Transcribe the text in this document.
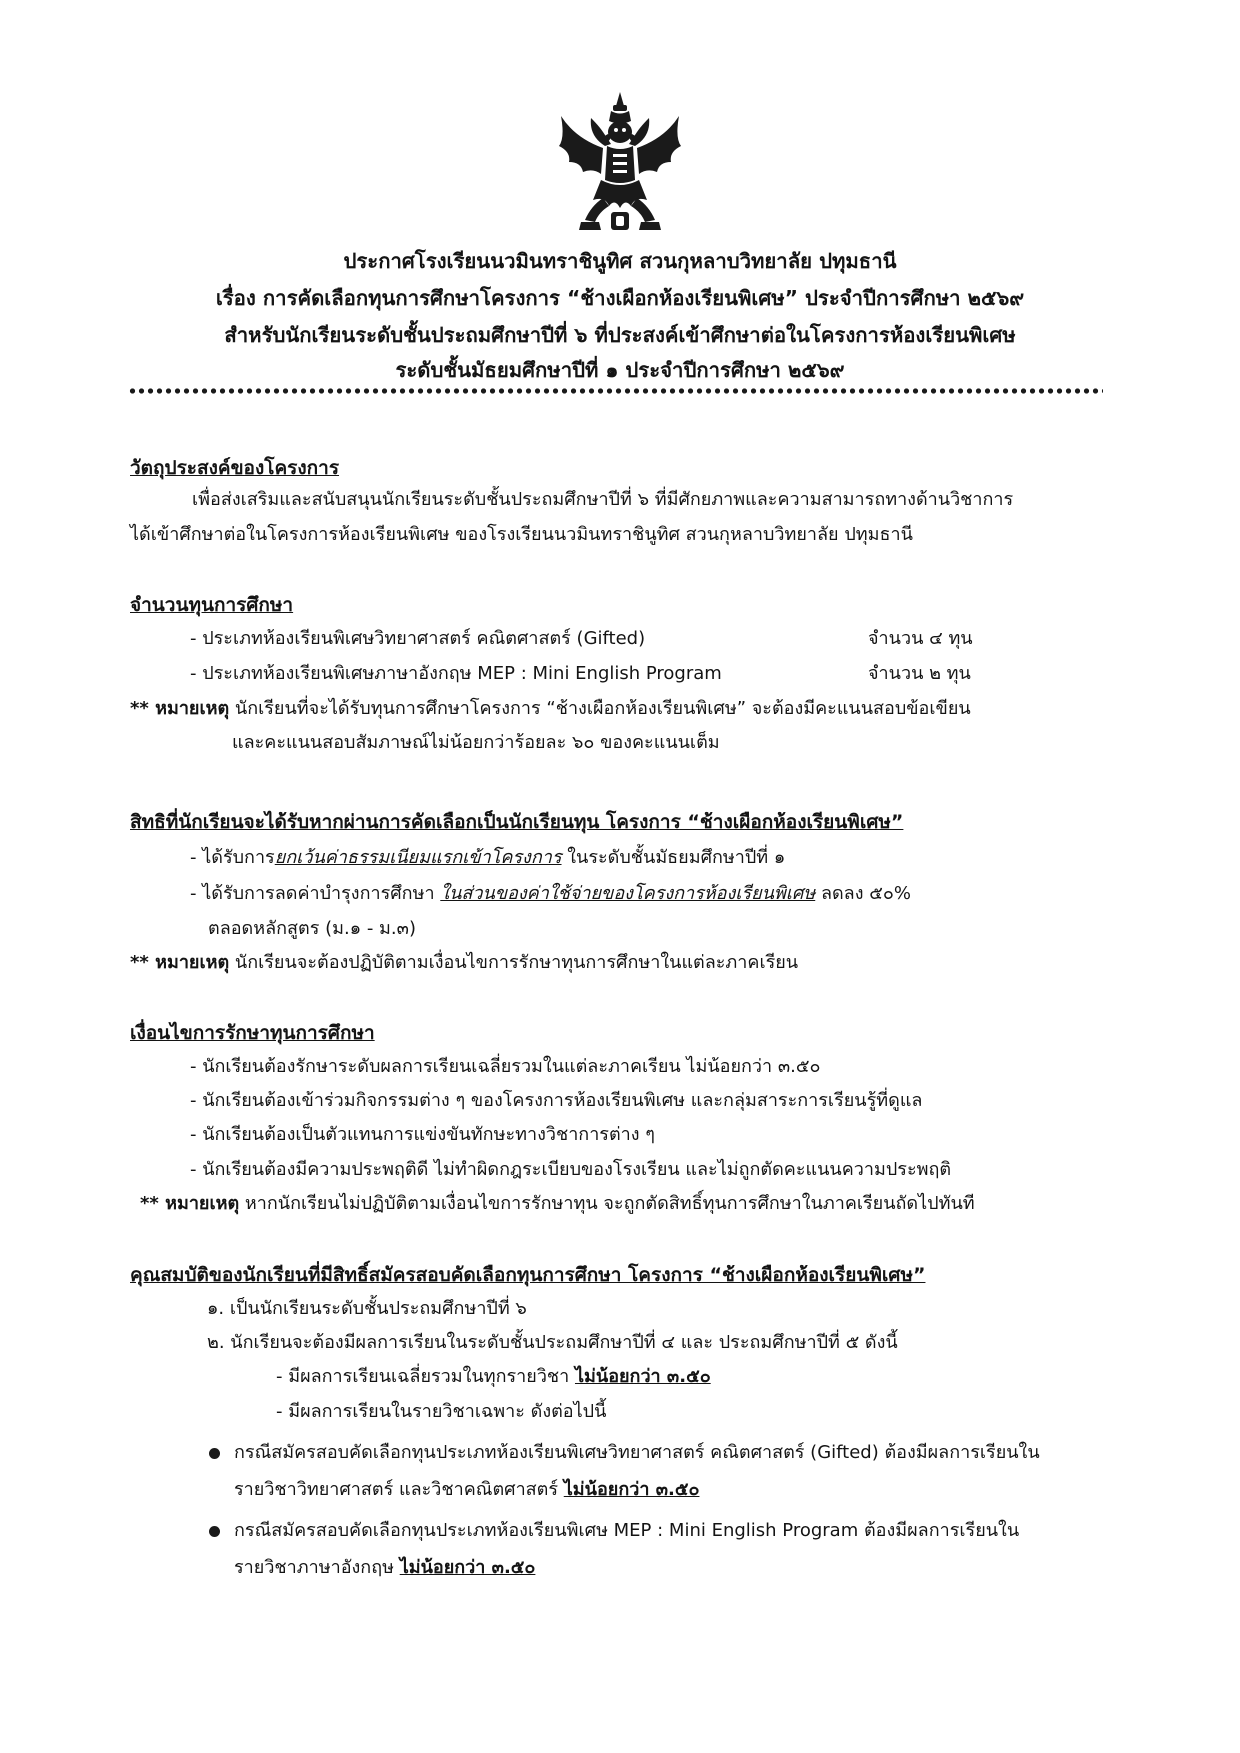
ประกาศโรงเรียนนวมินทราชินูทิศ สวนกุหลาบวิทยาลัย ปทุมธานี
เรื่อง การคัดเลือกทุนการศึกษาโครงการ “ช้างเผือกห้องเรียนพิเศษ” ประจำปีการศึกษา ๒๕๖๙
สำหรับนักเรียนระดับชั้นประถมศึกษาปีที่ ๖ ที่ประสงค์เข้าศึกษาต่อในโครงการห้องเรียนพิเศษ
ระดับชั้นมัธยมศึกษาปีที่ ๑ ประจำปีการศึกษา ๒๕๖๙
วัตถุประสงค์ของโครงการ
เพื่อส่งเสริมและสนับสนุนนักเรียนระดับชั้นประถมศึกษาปีที่ ๖ ที่มีศักยภาพและความสามารถทางด้านวิชาการ
ได้เข้าศึกษาต่อในโครงการห้องเรียนพิเศษ ของโรงเรียนนวมินทราชินูทิศ สวนกุหลาบวิทยาลัย ปทุมธานี
จำนวนทุนการศึกษา
- ประเภทห้องเรียนพิเศษวิทยาศาสตร์ คณิตศาสตร์ (Gifted)	จำนวน ๔ ทุน
- ประเภทห้องเรียนพิเศษภาษาอังกฤษ MEP : Mini English Program	จำนวน ๒ ทุน
** หมายเหตุ นักเรียนที่จะได้รับทุนการศึกษาโครงการ “ช้างเผือกห้องเรียนพิเศษ” จะต้องมีคะแนนสอบข้อเขียน
และคะแนนสอบสัมภาษณ์ไม่น้อยกว่าร้อยละ ๖๐ ของคะแนนเต็ม
สิทธิที่นักเรียนจะได้รับหากผ่านการคัดเลือกเป็นนักเรียนทุน โครงการ “ช้างเผือกห้องเรียนพิเศษ”
- ได้รับการยกเว้นค่าธรรมเนียมแรกเข้าโครงการ ในระดับชั้นมัธยมศึกษาปีที่ ๑
- ได้รับการลดค่าบำรุงการศึกษา ในส่วนของค่าใช้จ่ายของโครงการห้องเรียนพิเศษ ลดลง ๕๐%
ตลอดหลักสูตร (ม.๑ - ม.๓)
** หมายเหตุ นักเรียนจะต้องปฏิบัติตามเงื่อนไขการรักษาทุนการศึกษาในแต่ละภาคเรียน
เงื่อนไขการรักษาทุนการศึกษา
- นักเรียนต้องรักษาระดับผลการเรียนเฉลี่ยรวมในแต่ละภาคเรียน ไม่น้อยกว่า ๓.๕๐
- นักเรียนต้องเข้าร่วมกิจกรรมต่าง ๆ ของโครงการห้องเรียนพิเศษ และกลุ่มสาระการเรียนรู้ที่ดูแล
- นักเรียนต้องเป็นตัวแทนการแข่งขันทักษะทางวิชาการต่าง ๆ
- นักเรียนต้องมีความประพฤติดี ไม่ทำผิดกฎระเบียบของโรงเรียน และไม่ถูกตัดคะแนนความประพฤติ
** หมายเหตุ หากนักเรียนไม่ปฏิบัติตามเงื่อนไขการรักษาทุน จะถูกตัดสิทธิ์ทุนการศึกษาในภาคเรียนถัดไปทันที
คุณสมบัติของนักเรียนที่มีสิทธิ์สมัครสอบคัดเลือกทุนการศึกษา โครงการ “ช้างเผือกห้องเรียนพิเศษ”
๑. เป็นนักเรียนระดับชั้นประถมศึกษาปีที่ ๖
๒. นักเรียนจะต้องมีผลการเรียนในระดับชั้นประถมศึกษาปีที่ ๔ และ ประถมศึกษาปีที่ ๕ ดังนี้
- มีผลการเรียนเฉลี่ยรวมในทุกรายวิชา ไม่น้อยกว่า ๓.๕๐
- มีผลการเรียนในรายวิชาเฉพาะ ดังต่อไปนี้
กรณีสมัครสอบคัดเลือกทุนประเภทห้องเรียนพิเศษวิทยาศาสตร์ คณิตศาสตร์ (Gifted) ต้องมีผลการเรียนใน
รายวิชาวิทยาศาสตร์ และวิชาคณิตศาสตร์ ไม่น้อยกว่า ๓.๕๐
กรณีสมัครสอบคัดเลือกทุนประเภทห้องเรียนพิเศษ MEP : Mini English Program ต้องมีผลการเรียนใน
รายวิชาภาษาอังกฤษ ไม่น้อยกว่า ๓.๕๐
